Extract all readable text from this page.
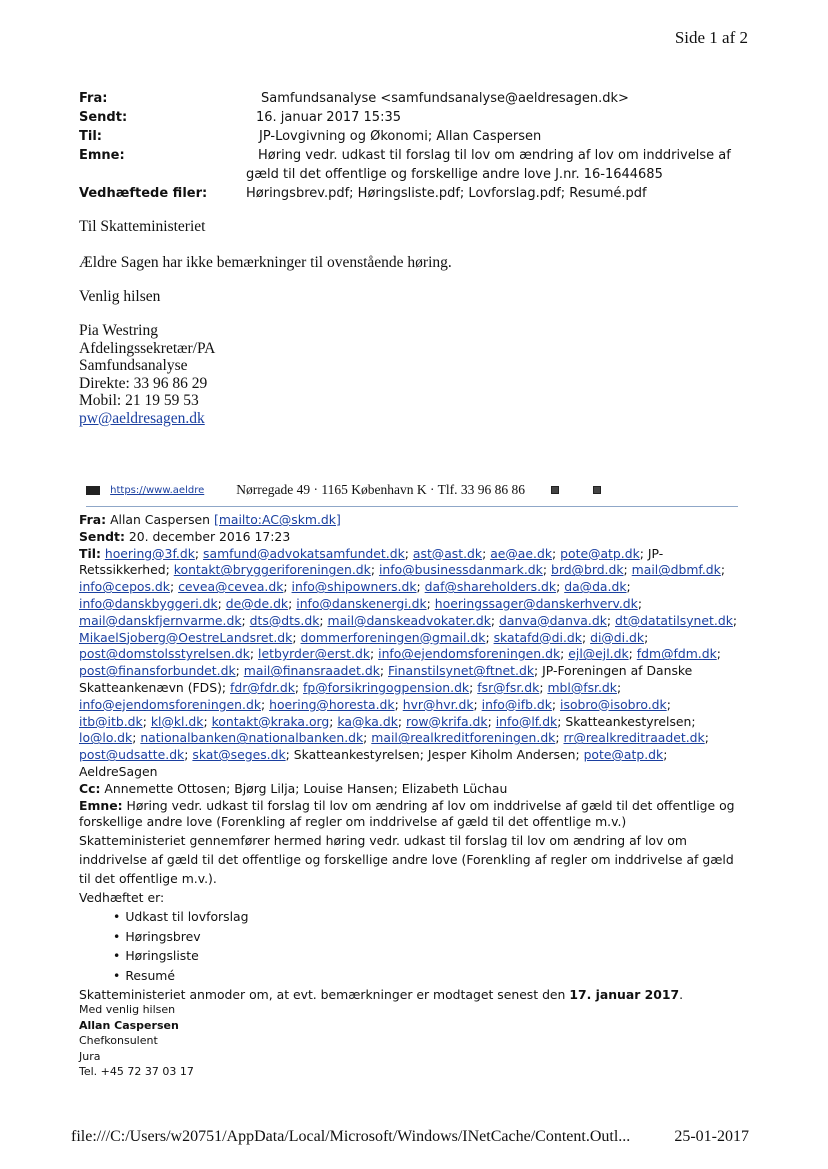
Side 1 af 2
Fra:	Samfundsanalyse <samfundsanalyse@aeldresagen.dk>
Sendt:	16. januar 2017 15:35
Til:	JP-Lovgivning og Økonomi; Allan Caspersen
Emne:	Høring vedr. udkast til forslag til lov om ændring af lov om inddrivelse af
gæld til det offentlige og forskellige andre love J.nr. 16-1644685
Vedhæftede filer:	Høringsbrev.pdf; Høringsliste.pdf; Lovforslag.pdf; Resumé.pdf
Til Skatteministeriet
Ældre Sagen har ikke bemærkninger til ovenstående høring.
Venlig hilsen
Pia Westring
Afdelingssekretær/PA
Samfundsanalyse
Direkte: 33 96 86 29
Mobil: 21 19 59 53
pw@aeldresagen.dk
https://www.aeldre Nørregade 49 · 1165 København K · Tlf. 33 96 86 86
Fra: Allan Caspersen [mailto:AC@skm.dk]
Sendt: 20. december 2016 17:23
Til: hoering@3f.dk; samfund@advokatsamfundet.dk; ast@ast.dk; ae@ae.dk; pote@atp.dk; JP-Retssikkerhed; kontakt@bryggeriforeningen.dk; info@businessdanmark.dk; brd@brd.dk; mail@dbmf.dk; info@cepos.dk; cevea@cevea.dk; info@shipowners.dk; daf@shareholders.dk; da@da.dk; info@danskbyggeri.dk; de@de.dk; info@danskenergi.dk; hoeringssager@danskerhverv.dk; mail@danskfjernvarme.dk; dts@dts.dk; mail@danskeadvokater.dk; danva@danva.dk; dt@datatilsynet.dk; MikaelSjoberg@OestreLandsret.dk; dommerforeningen@gmail.dk; skatafd@di.dk; di@di.dk; post@domstolsstyrelsen.dk; letbyrder@erst.dk; info@ejendomsforeningen.dk; ejl@ejl.dk; fdm@fdm.dk; post@finansforbundet.dk; mail@finansraadet.dk; Finanstilsynet@ftnet.dk; JP-Foreningen af Danske Skatteankenævn (FDS); fdr@fdr.dk; fp@forsikringogpension.dk; fsr@fsr.dk; mbl@fsr.dk; info@ejendomsforeningen.dk; hoering@horesta.dk; hvr@hvr.dk; info@ifb.dk; isobro@isobro.dk; itb@itb.dk; kl@kl.dk; kontakt@kraka.org; ka@ka.dk; row@krifa.dk; info@lf.dk; Skatteankestyrelsen; lo@lo.dk; nationalbanken@nationalbanken.dk; mail@realkreditforeningen.dk; rr@realkreditraadet.dk; post@udsatte.dk; skat@seges.dk; Skatteankestyrelsen; Jesper Kiholm Andersen; pote@atp.dk; AeldreSagen
Cc: Annemette Ottosen; Bjørg Lilja; Louise Hansen; Elizabeth Lüchau
Emne: Høring vedr. udkast til forslag til lov om ændring af lov om inddrivelse af gæld til det offentlige og forskellige andre love (Forenkling af regler om inddrivelse af gæld til det offentlige m.v.)
Skatteministeriet gennemfører hermed høring vedr. udkast til forslag til lov om ændring af lov om inddrivelse af gæld til det offentlige og forskellige andre love (Forenkling af regler om inddrivelse af gæld til det offentlige m.v.).
Vedhæftet er:
• Udkast til lovforslag
• Høringsbrev
• Høringsliste
• Resumé
Skatteministeriet anmoder om, at evt. bemærkninger er modtaget senest den 17. januar 2017.
Med venlig hilsen
Allan Caspersen
Chefkonsulent
Jura
Tel. +45 72 37 03 17
file:///C:/Users/w20751/AppData/Local/Microsoft/Windows/INetCache/Content.Outl...	25-01-2017
